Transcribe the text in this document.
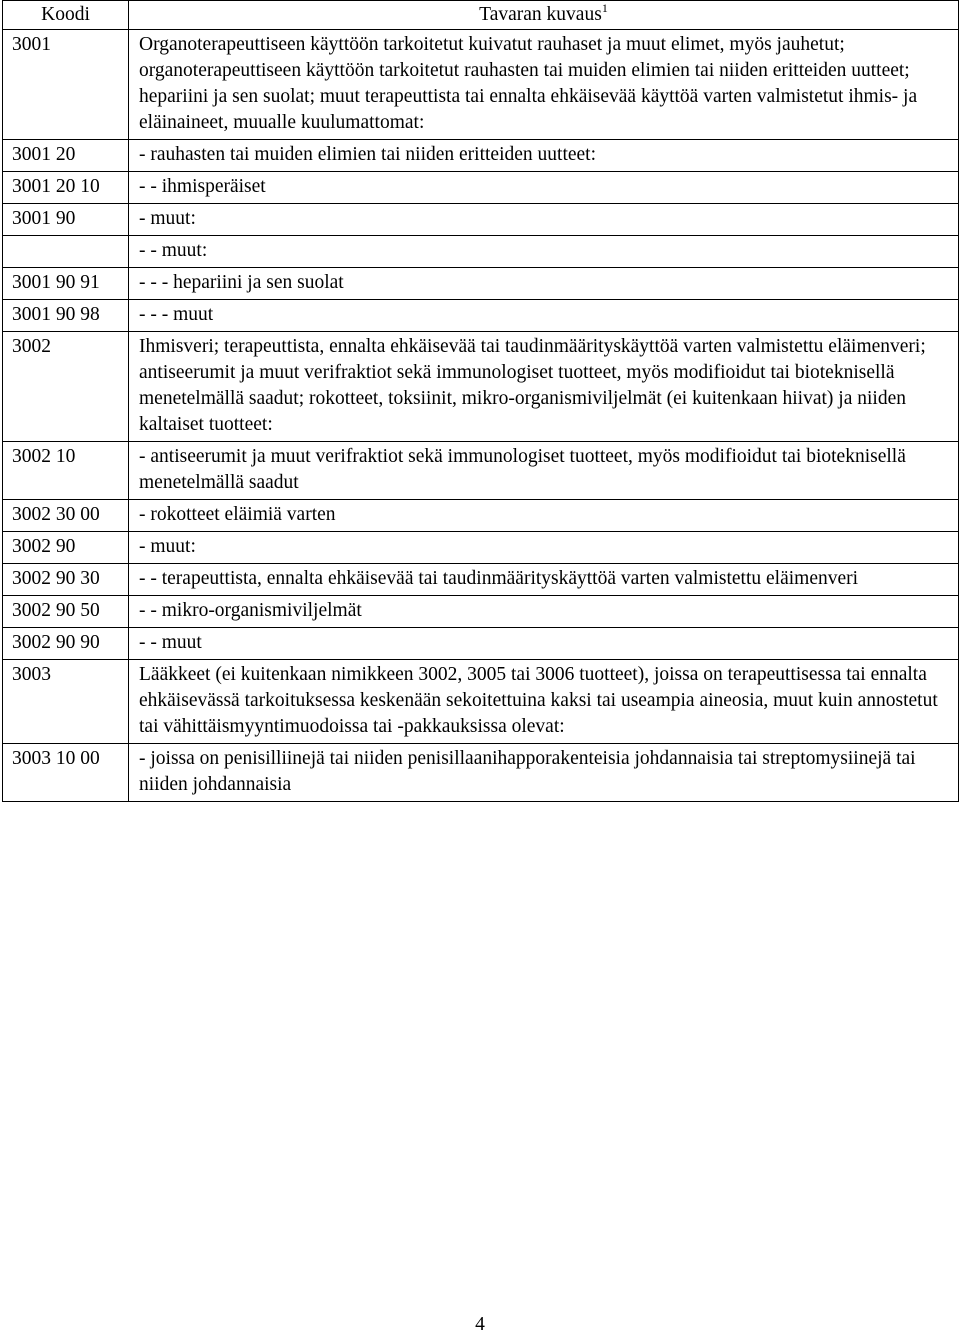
Koodi	Tavaran kuvaus$^1$
3001	Organoterapeuttiseen käyttöön tarkoitetut kuivatut rauhaset ja muut elimet, myös jauhetut; organoterapeuttiseen käyttöön tarkoitetut rauhasten tai muiden elimien tai niiden eritteiden uutteet; hepariini ja sen suolat; muut terapeuttista tai ennalta ehkäisevää käyttöä varten valmistetut ihmis- ja eläinaineet, muualle kuulumattomat:
3001 20	- rauhasten tai muiden elimien tai niiden eritteiden uutteet:
3001 20 10	- - ihmisperäiset
3001 90	- muut:
	- - muut:
3001 90 91	- - - hepariini ja sen suolat
3001 90 98	- - - muut
3002	Ihmisveri; terapeuttista, ennalta ehkäisevää tai taudinmäärityskäyttöä varten valmistettu eläimenveri; antiseerumit ja muut verifraktiot sekä immunologiset tuotteet, myös modifioidut tai bioteknisellä menetelmällä saadut; rokotteet, toksiinit, mikro-organismiviljelmät (ei kuitenkaan hiivat) ja niiden kaltaiset tuotteet:
3002 10	- antiseerumit ja muut verifraktiot sekä immunologiset tuotteet, myös modifioidut tai bioteknisellä menetelmällä saadut
3002 30 00	- rokotteet eläimiä varten
3002 90	- muut:
3002 90 30	- - terapeuttista, ennalta ehkäisevää tai taudinmäärityskäyttöä varten valmistettu eläimenveri
3002 90 50	- - mikro-organismiviljelmät
3002 90 90	- - muut
3003	Lääkkeet (ei kuitenkaan nimikkeen 3002, 3005 tai 3006 tuotteet), joissa on terapeuttisessa tai ennalta ehkäisevässä tarkoituksessa keskenään sekoitettuina kaksi tai useampia aineosia, muut kuin annostetut tai vähittäismyyntimuodoissa tai -pakkauksissa olevat:
3003 10 00	- joissa on penisilliinejä tai niiden penisillaanihapporakenteisia johdannaisia tai streptomysiinejä tai niiden johdannaisia
4
